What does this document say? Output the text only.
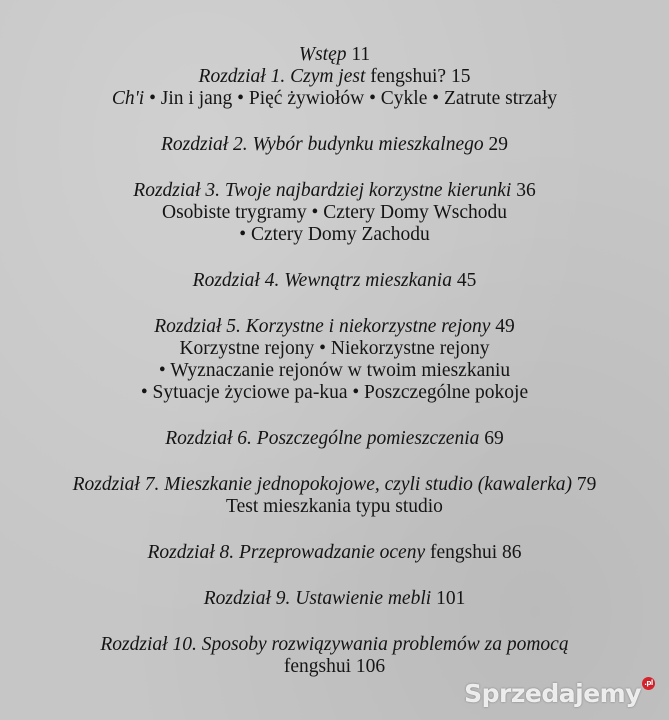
Wstęp 11
Rozdział 1. Czym jest fengshui? 15
Ch'i • Jin i jang • Pięć żywiołów • Cykle • Zatrute strzały
Rozdział 2. Wybór budynku mieszkalnego 29
Rozdział 3. Twoje najbardziej korzystne kierunki 36
Osobiste trygramy • Cztery Domy Wschodu
• Cztery Domy Zachodu
Rozdział 4. Wewnątrz mieszkania 45
Rozdział 5. Korzystne i niekorzystne rejony 49
Korzystne rejony • Niekorzystne rejony
• Wyznaczanie rejonów w twoim mieszkaniu
• Sytuacje życiowe pa-kua • Poszczególne pokoje
Rozdział 6. Poszczególne pomieszczenia 69
Rozdział 7. Mieszkanie jednopokojowe, czyli studio (kawalerka) 79
Test mieszkania typu studio
Rozdział 8. Przeprowadzanie oceny fengshui 86
Rozdział 9. Ustawienie mebli 101
Rozdział 10. Sposoby rozwiązywania problemów za pomocą
fengshui 106
Sprzedajemy .pl
